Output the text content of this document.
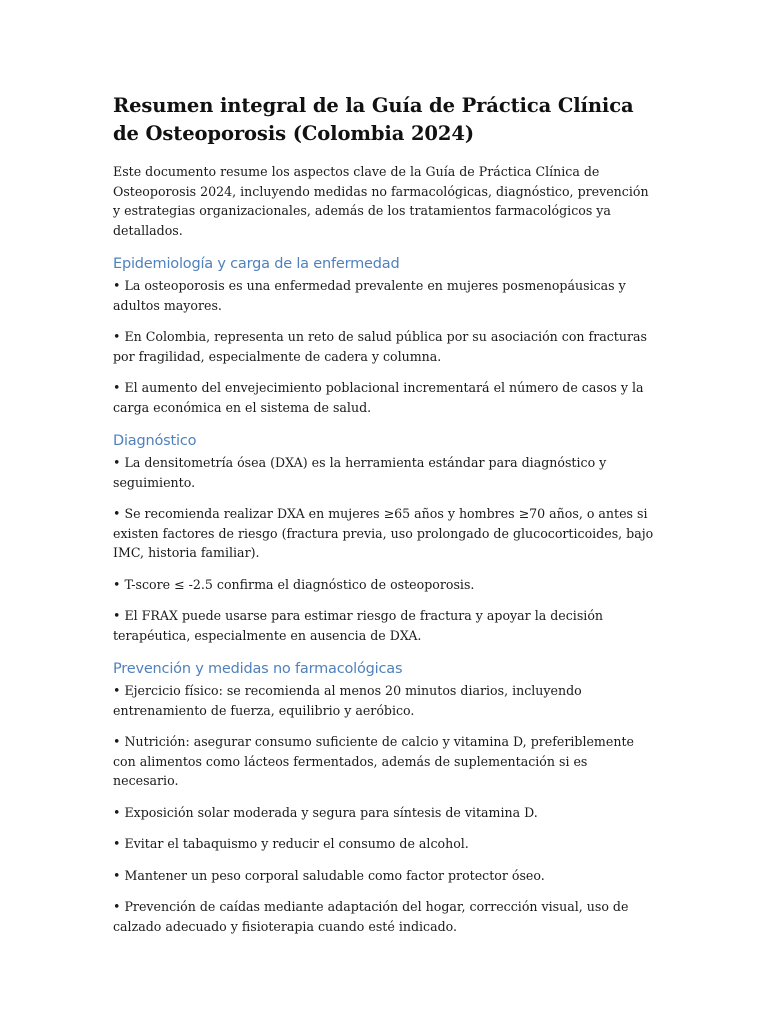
Resumen integral de la Guía de Práctica Clínica de Osteoporosis (Colombia 2024)

Este documento resume los aspectos clave de la Guía de Práctica Clínica de Osteoporosis 2024, incluyendo medidas no farmacológicas, diagnóstico, prevención y estrategias organizacionales, además de los tratamientos farmacológicos ya detallados.

Epidemiología y carga de la enfermedad

• La osteoporosis es una enfermedad prevalente en mujeres posmenopáusicas y adultos mayores.

• En Colombia, representa un reto de salud pública por su asociación con fracturas por fragilidad, especialmente de cadera y columna.

• El aumento del envejecimiento poblacional incrementará el número de casos y la carga económica en el sistema de salud.

Diagnóstico

• La densitometría ósea (DXA) es la herramienta estándar para diagnóstico y seguimiento.

• Se recomienda realizar DXA en mujeres ≥65 años y hombres ≥70 años, o antes si existen factores de riesgo (fractura previa, uso prolongado de glucocorticoides, bajo IMC, historia familiar).

• T-score ≤ -2.5 confirma el diagnóstico de osteoporosis.

• El FRAX puede usarse para estimar riesgo de fractura y apoyar la decisión terapéutica, especialmente en ausencia de DXA.

Prevención y medidas no farmacológicas

• Ejercicio físico: se recomienda al menos 20 minutos diarios, incluyendo entrenamiento de fuerza, equilibrio y aeróbico.

• Nutrición: asegurar consumo suficiente de calcio y vitamina D, preferiblemente con alimentos como lácteos fermentados, además de suplementación si es necesario.

• Exposición solar moderada y segura para síntesis de vitamina D.

• Evitar el tabaquismo y reducir el consumo de alcohol.

• Mantener un peso corporal saludable como factor protector óseo.

• Prevención de caídas mediante adaptación del hogar, corrección visual, uso de calzado adecuado y fisioterapia cuando esté indicado.
